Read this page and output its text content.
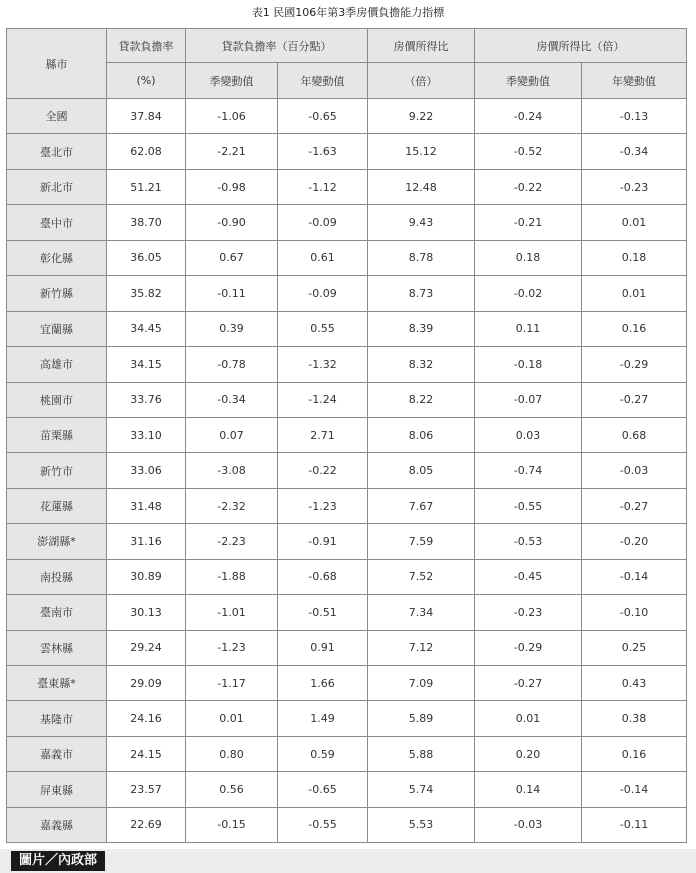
表1 民國106年第3季房價負擔能力指標
縣市	貸款負擔率	貸款負擔率（百分點）		房價所得比	房價所得比（倍）	
	(%)	季變動值	年變動值	（倍）	季變動值	年變動值
全國	37.84	-1.06	-0.65	9.22	-0.24	-0.13
臺北市	62.08	-2.21	-1.63	15.12	-0.52	-0.34
新北市	51.21	-0.98	-1.12	12.48	-0.22	-0.23
臺中市	38.70	-0.90	-0.09	9.43	-0.21	0.01
彰化縣	36.05	0.67	0.61	8.78	0.18	0.18
新竹縣	35.82	-0.11	-0.09	8.73	-0.02	0.01
宜蘭縣	34.45	0.39	0.55	8.39	0.11	0.16
高雄市	34.15	-0.78	-1.32	8.32	-0.18	-0.29
桃園市	33.76	-0.34	-1.24	8.22	-0.07	-0.27
苗栗縣	33.10	0.07	2.71	8.06	0.03	0.68
新竹市	33.06	-3.08	-0.22	8.05	-0.74	-0.03
花蓮縣	31.48	-2.32	-1.23	7.67	-0.55	-0.27
澎湖縣*	31.16	-2.23	-0.91	7.59	-0.53	-0.20
南投縣	30.89	-1.88	-0.68	7.52	-0.45	-0.14
臺南市	30.13	-1.01	-0.51	7.34	-0.23	-0.10
雲林縣	29.24	-1.23	0.91	7.12	-0.29	0.25
臺東縣*	29.09	-1.17	1.66	7.09	-0.27	0.43
基隆市	24.16	0.01	1.49	5.89	0.01	0.38
嘉義市	24.15	0.80	0.59	5.88	0.20	0.16
屏東縣	23.57	0.56	-0.65	5.74	0.14	-0.14
嘉義縣	22.69	-0.15	-0.55	5.53	-0.03	-0.11
圖片／內政部
